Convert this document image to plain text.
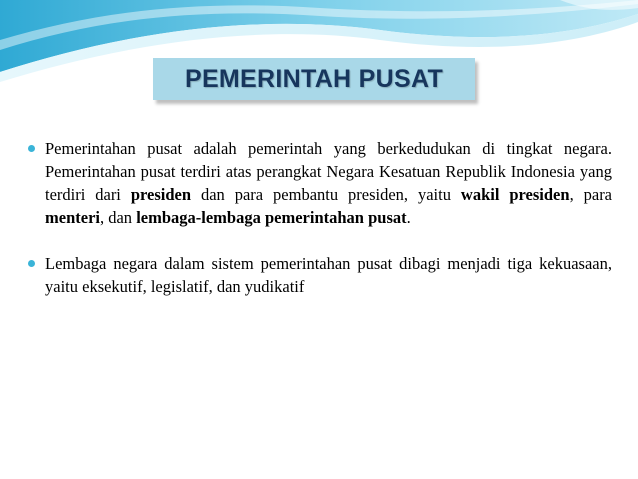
PEMERINTAH PUSAT
Pemerintahan pusat adalah pemerintah yang berkedudukan di tingkat negara. Pemerintahan pusat terdiri atas perangkat Negara Kesatuan Republik Indonesia yang terdiri dari presiden dan para pembantu presiden, yaitu wakil presiden, para menteri, dan lembaga-lembaga pemerintahan pusat.
Lembaga negara dalam sistem pemerintahan pusat dibagi menjadi tiga kekuasaan, yaitu eksekutif, legislatif, dan yudikatif
